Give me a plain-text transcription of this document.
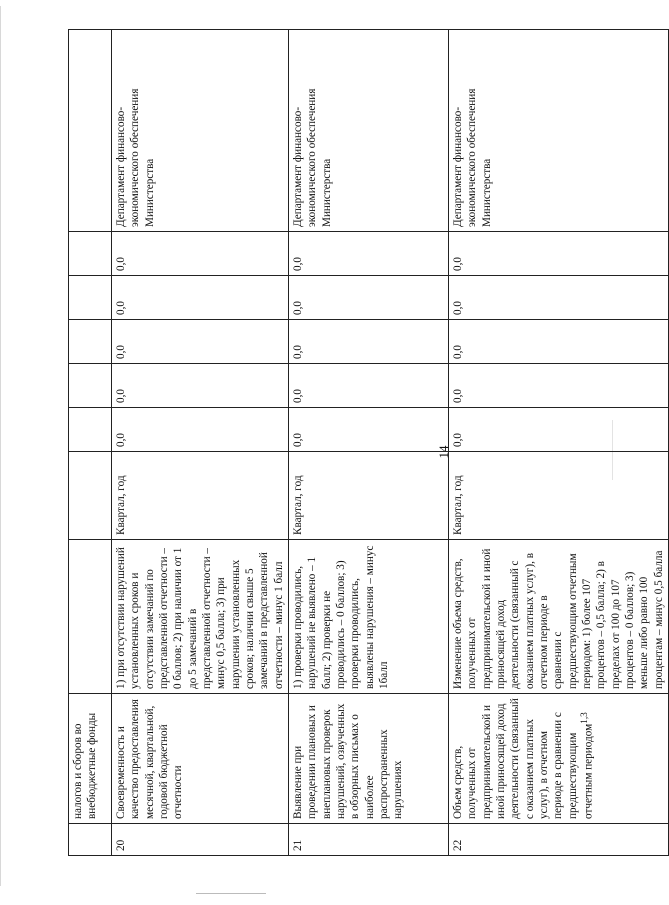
14
	налогов и сборов во внебюджетные фонды								
20	Своевременность и качество предоставления месячной, квартальной, годовой бюджетной отчетности	1) при отсутствии нарушений установленных сроков и отсутствии замечаний по представленной отчетности – 0 баллов; 2) при наличии от 1 до 5 замечаний в представленной отчетности – минус 0,5 балла; 3) при нарушении установленных сроков; наличии свыше 5 замечаний в представленной отчетности – минус 1 балл	Квартал, год	0,0	0,0	0,0	0,0	0,0	Департамент финансово-экономического обеспечения Министерства
21	Выявление при проведении плановых и внеплановых проверок нарушений, озвученных в обзорных письмах о наиболее распространенных нарушениях	1) проверки проводились, нарушений не выявлено – 1 балл; 2) проверки не проводились – 0 баллов; 3) проверки проводились, выявлены нарушения – минус 1балл	Квартал, год	0,0	0,0	0,0	0,0	0,0	Департамент финансово-экономического обеспечения Министерства
22	Объем средств, полученных от предпринимательской и иной приносящей доход деятельности (связанный с оказанием платных услуг), в отчетном периоде в сравнении с предшествующим отчетным периодом$^{1,3}$	Изменение объема средств, полученных от предпринимательской и иной приносящей доход деятельности (связанный с оказанием платных услуг), в отчетном периоде в сравнении с предшествующим отчетным периодом: 1) более 107 процентов – 0,5 балла; 2) в пределах от 100 до 107 процентов – 0 баллов; 3) меньше либо равно 100 процентам – минус 0,5 балла	Квартал, год	0,0	0,0	0,0	0,0	0,0	Департамент финансово-экономического обеспечения Министерства
